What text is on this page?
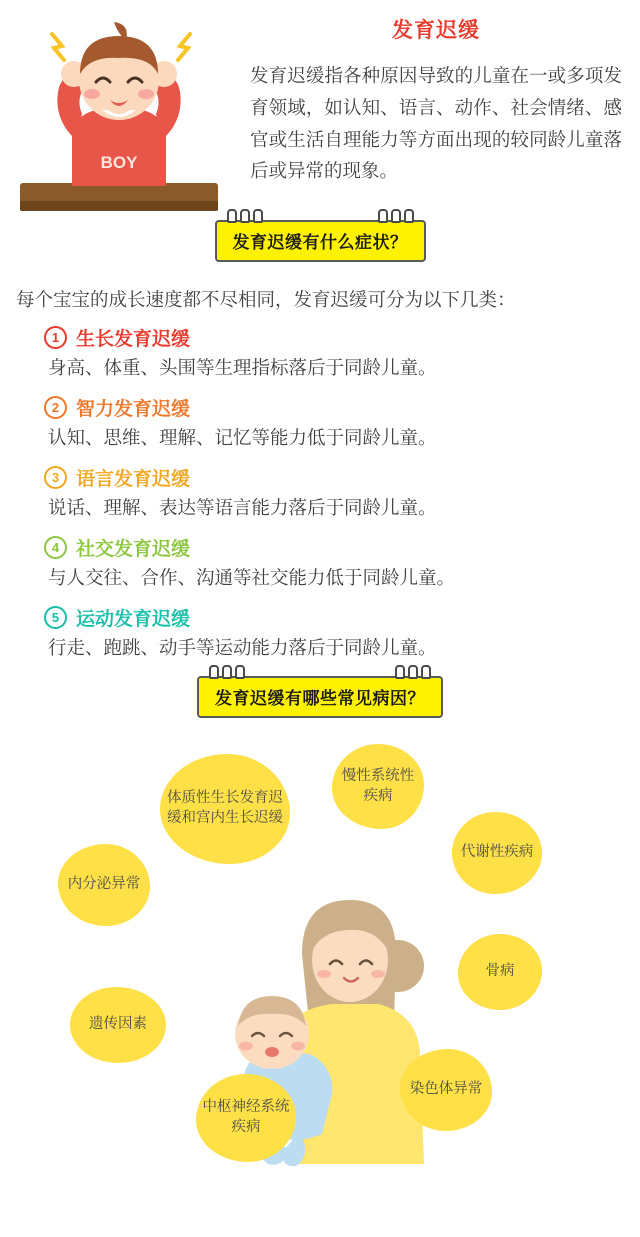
BOY
发育迟缓
发育迟缓指各种原因导致的儿童在一或多项发育领域，如认知、语言、动作、社会情绪、感官或生活自理能力等方面出现的较同龄儿童落后或异常的现象。
发育迟缓有什么症状？
每个宝宝的成长速度都不尽相同，发育迟缓可分为以下几类：
1 生长发育迟缓
身高、体重、头围等生理指标落后于同龄儿童。
2 智力发育迟缓
认知、思维、理解、记忆等能力低于同龄儿童。
3 语言发育迟缓
说话、理解、表达等语言能力落后于同龄儿童。
4 社交发育迟缓
与人交往、合作、沟通等社交能力低于同龄儿童。
5 运动发育迟缓
行走、跑跳、动手等运动能力落后于同龄儿童。
发育迟缓有哪些常见病因？
体质性生长发育迟缓和宫内生长迟缓
慢性系统性疾病
代谢性疾病
内分泌异常
骨病
遗传因素
染色体异常
中枢神经系统疾病
